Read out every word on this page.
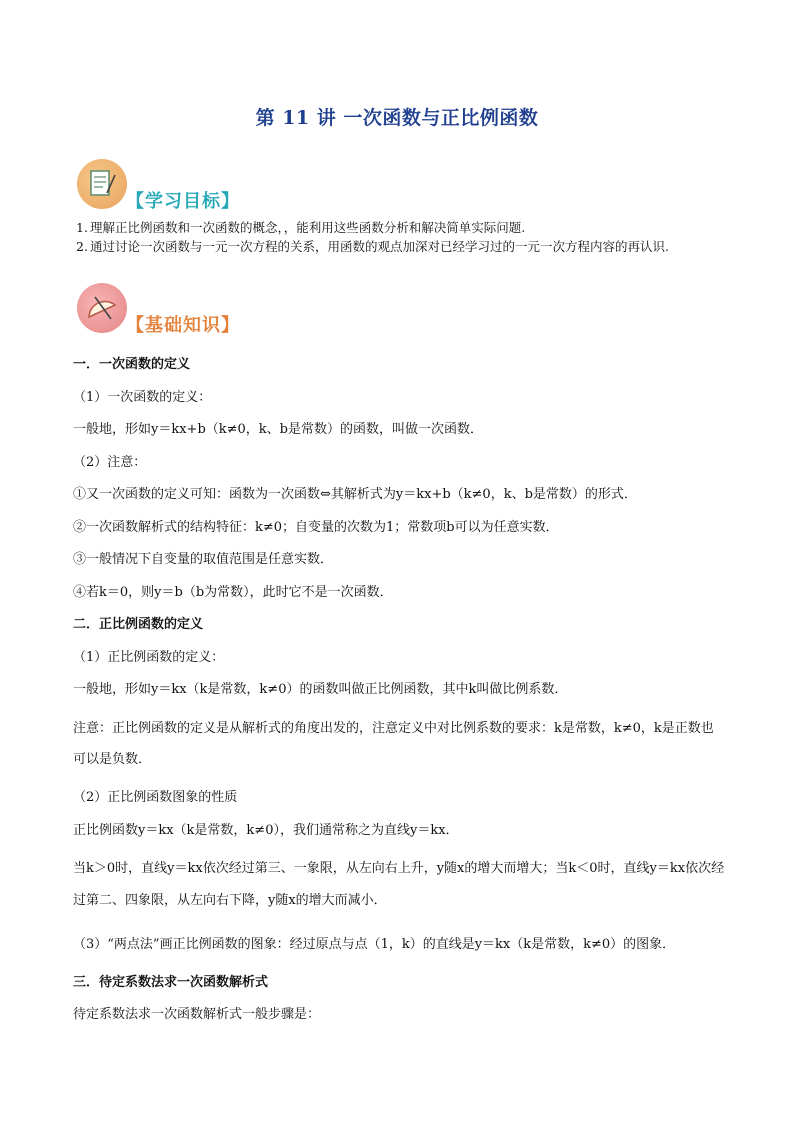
第 11 讲 一次函数与正比例函数
【学习目标】
1. 理解正比例函数和一次函数的概念，，能利用这些函数分析和解决简单实际问题.
2. 通过讨论一次函数与一元一次方程的关系，用函数的观点加深对已经学习过的一元一次方程内容的再认识.
【基础知识】
一．一次函数的定义
（1）一次函数的定义：
一般地，形如y＝kx+b（k≠0，k、b是常数）的函数，叫做一次函数．
（2）注意：
①又一次函数的定义可知：函数为一次函数⇔其解析式为y＝kx+b（k≠0，k、b是常数）的形式．
②一次函数解析式的结构特征：k≠0；自变量的次数为1；常数项b可以为任意实数．
③一般情况下自变量的取值范围是任意实数．
④若k＝0，则y＝b（b为常数），此时它不是一次函数．
二．正比例函数的定义
（1）正比例函数的定义：
一般地，形如y＝kx（k是常数，k≠0）的函数叫做正比例函数，其中k叫做比例系数．
注意：正比例函数的定义是从解析式的角度出发的，注意定义中对比例系数的要求：k是常数，k≠0，k是正数也可以是负数．
（2）正比例函数图象的性质
正比例函数y＝kx（k是常数，k≠0），我们通常称之为直线y＝kx．
当k＞0时，直线y＝kx依次经过第三、一象限，从左向右上升，y随x的增大而增大；当k＜0时，直线y＝kx依次经过第二、四象限，从左向右下降，y随x的增大而减小．
（3）“两点法”画正比例函数的图象：经过原点与点（1，k）的直线是y＝kx（k是常数，k≠0）的图象．
三．待定系数法求一次函数解析式
待定系数法求一次函数解析式一般步骤是：
